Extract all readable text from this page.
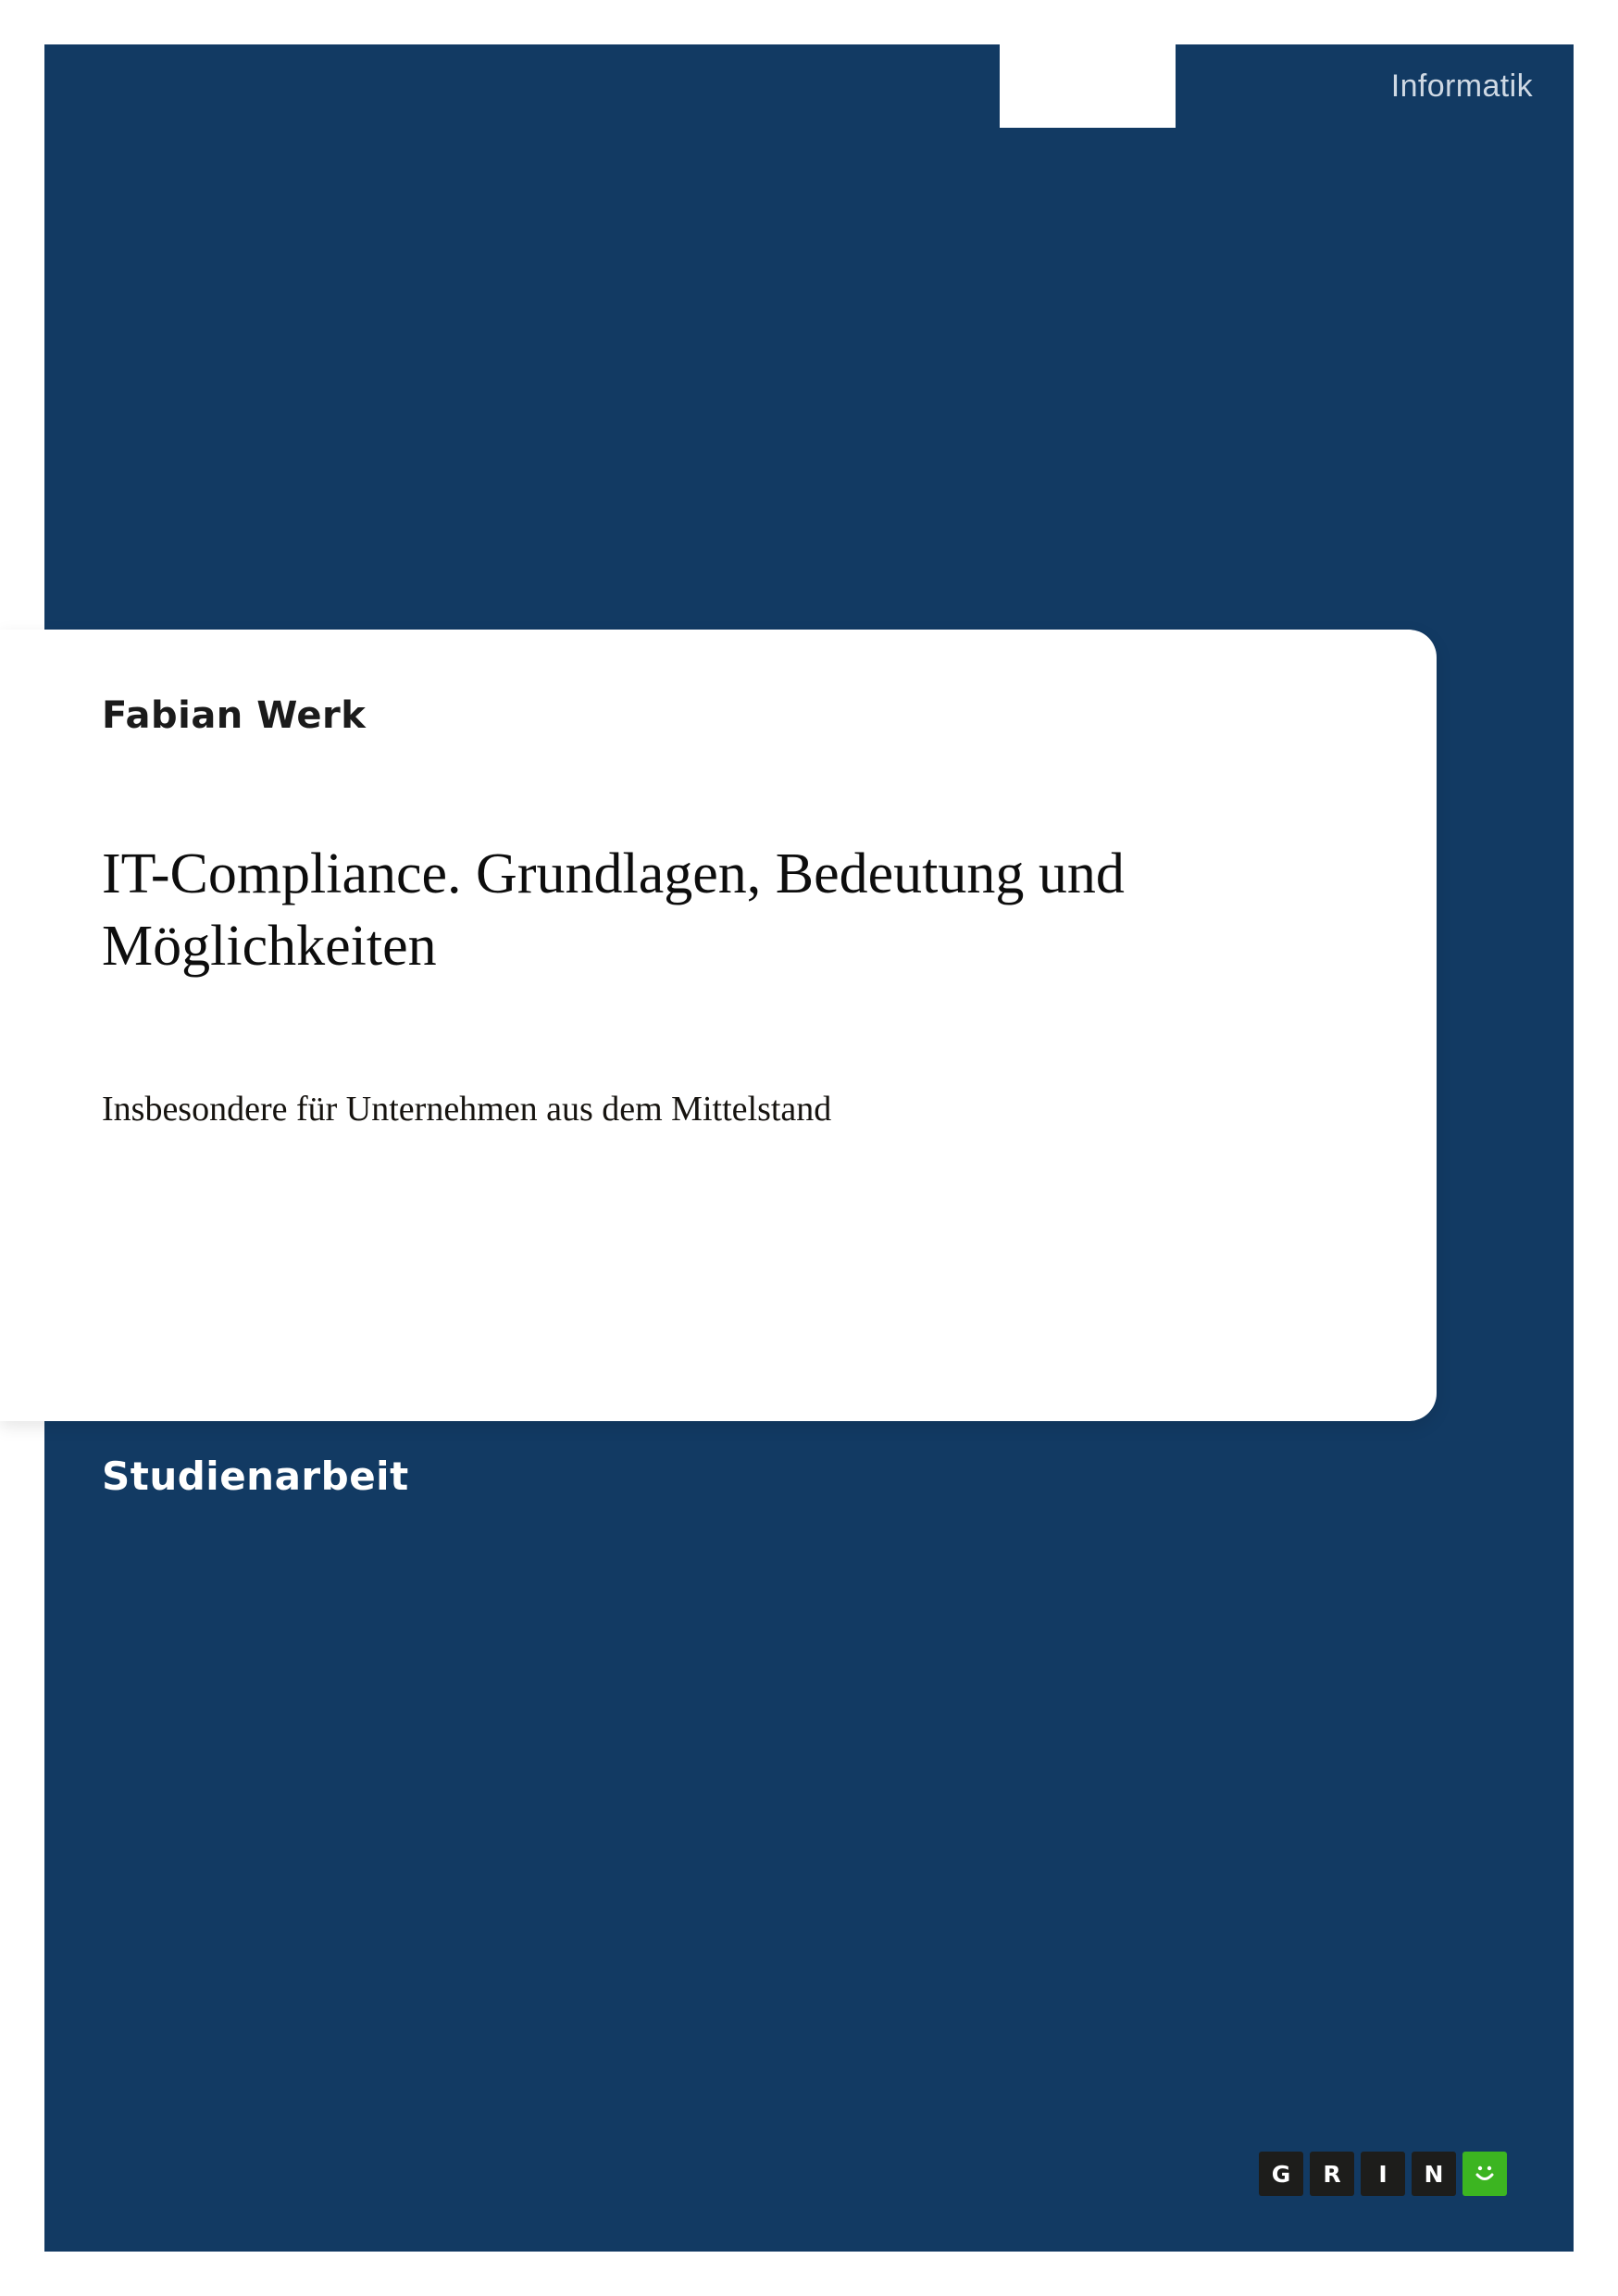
Informatik
Fabian Werk
IT-Compliance. Grundlagen, Bedeutung und Möglichkeiten
Insbesondere für Unternehmen aus dem Mittelstand
Studienarbeit
G	R	I	N
